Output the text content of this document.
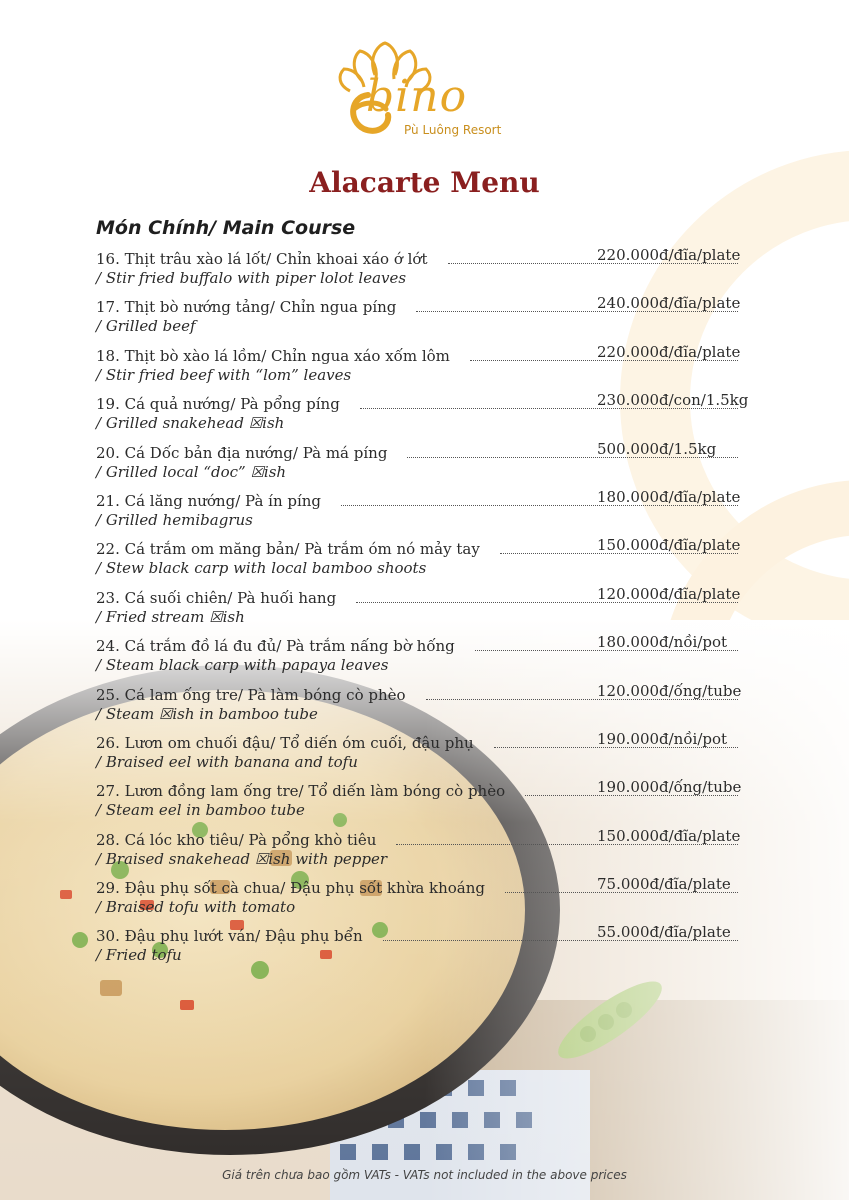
bino
Pù Luông Resort
Alacarte Menu
Món Chính/ Main Course
16. Thịt trâu xào lá lốt/ Chỉn khoai xáo ớ lớt	220.000đ/đĩa/plate
/ Stir fried buffalo with piper lolot leaves
17. Thịt bò nướng tảng/ Chỉn ngua píng	240.000đ/đĩa/plate
/ Grilled beef
18. Thịt bò xào lá lồm/ Chỉn ngua xáo xốm lôm	220.000đ/đĩa/plate
/ Stir fried beef with “lom” leaves
19. Cá quả nướng/ Pà pổng píng	230.000đ/con/1.5kg
/ Grilled snakehead ☒ish
20. Cá Dốc bản địa nướng/ Pà má píng	500.000đ/1.5kg
/ Grilled local “doc” ☒ish
21. Cá lăng nướng/ Pà ín píng	180.000đ/đĩa/plate
/ Grilled hemibagrus
22. Cá trắm om măng bản/ Pà trắm óm nó mảy tay	150.000đ/đĩa/plate
/ Stew black carp with local bamboo shoots
23. Cá suối chiên/ Pà huối hang	120.000đ/đĩa/plate
/ Fried stream ☒ish
24. Cá trắm đồ lá đu đủ/ Pà trắm nấng bờ hống	180.000đ/nồi/pot
/ Steam black carp with papaya leaves
25. Cá lam ống tre/ Pà làm bóng cò phèo	120.000đ/ống/tube
/ Steam ☒ish in bamboo tube
26. Lươn om chuối đậu/ Tổ diến óm cuối, đậu phụ	190.000đ/nồi/pot
/ Braised eel with banana and tofu
27. Lươn đồng lam ống tre/ Tổ diến làm bóng cò phèo	190.000đ/ống/tube
/ Steam eel in bamboo tube
28. Cá lóc kho tiêu/ Pà pổng khò tiêu	150.000đ/đĩa/plate
/ Braised snakehead ☒ish with pepper
29. Đậu phụ sốt cà chua/ Đậu phụ sốt khừa khoáng	75.000đ/đĩa/plate
/ Braised tofu with tomato
30. Đậu phụ lướt ván/ Đậu phụ bển	55.000đ/đĩa/plate
/ Fried tofu
Giá trên chưa bao gồm VATs - VATs not included in the above prices
